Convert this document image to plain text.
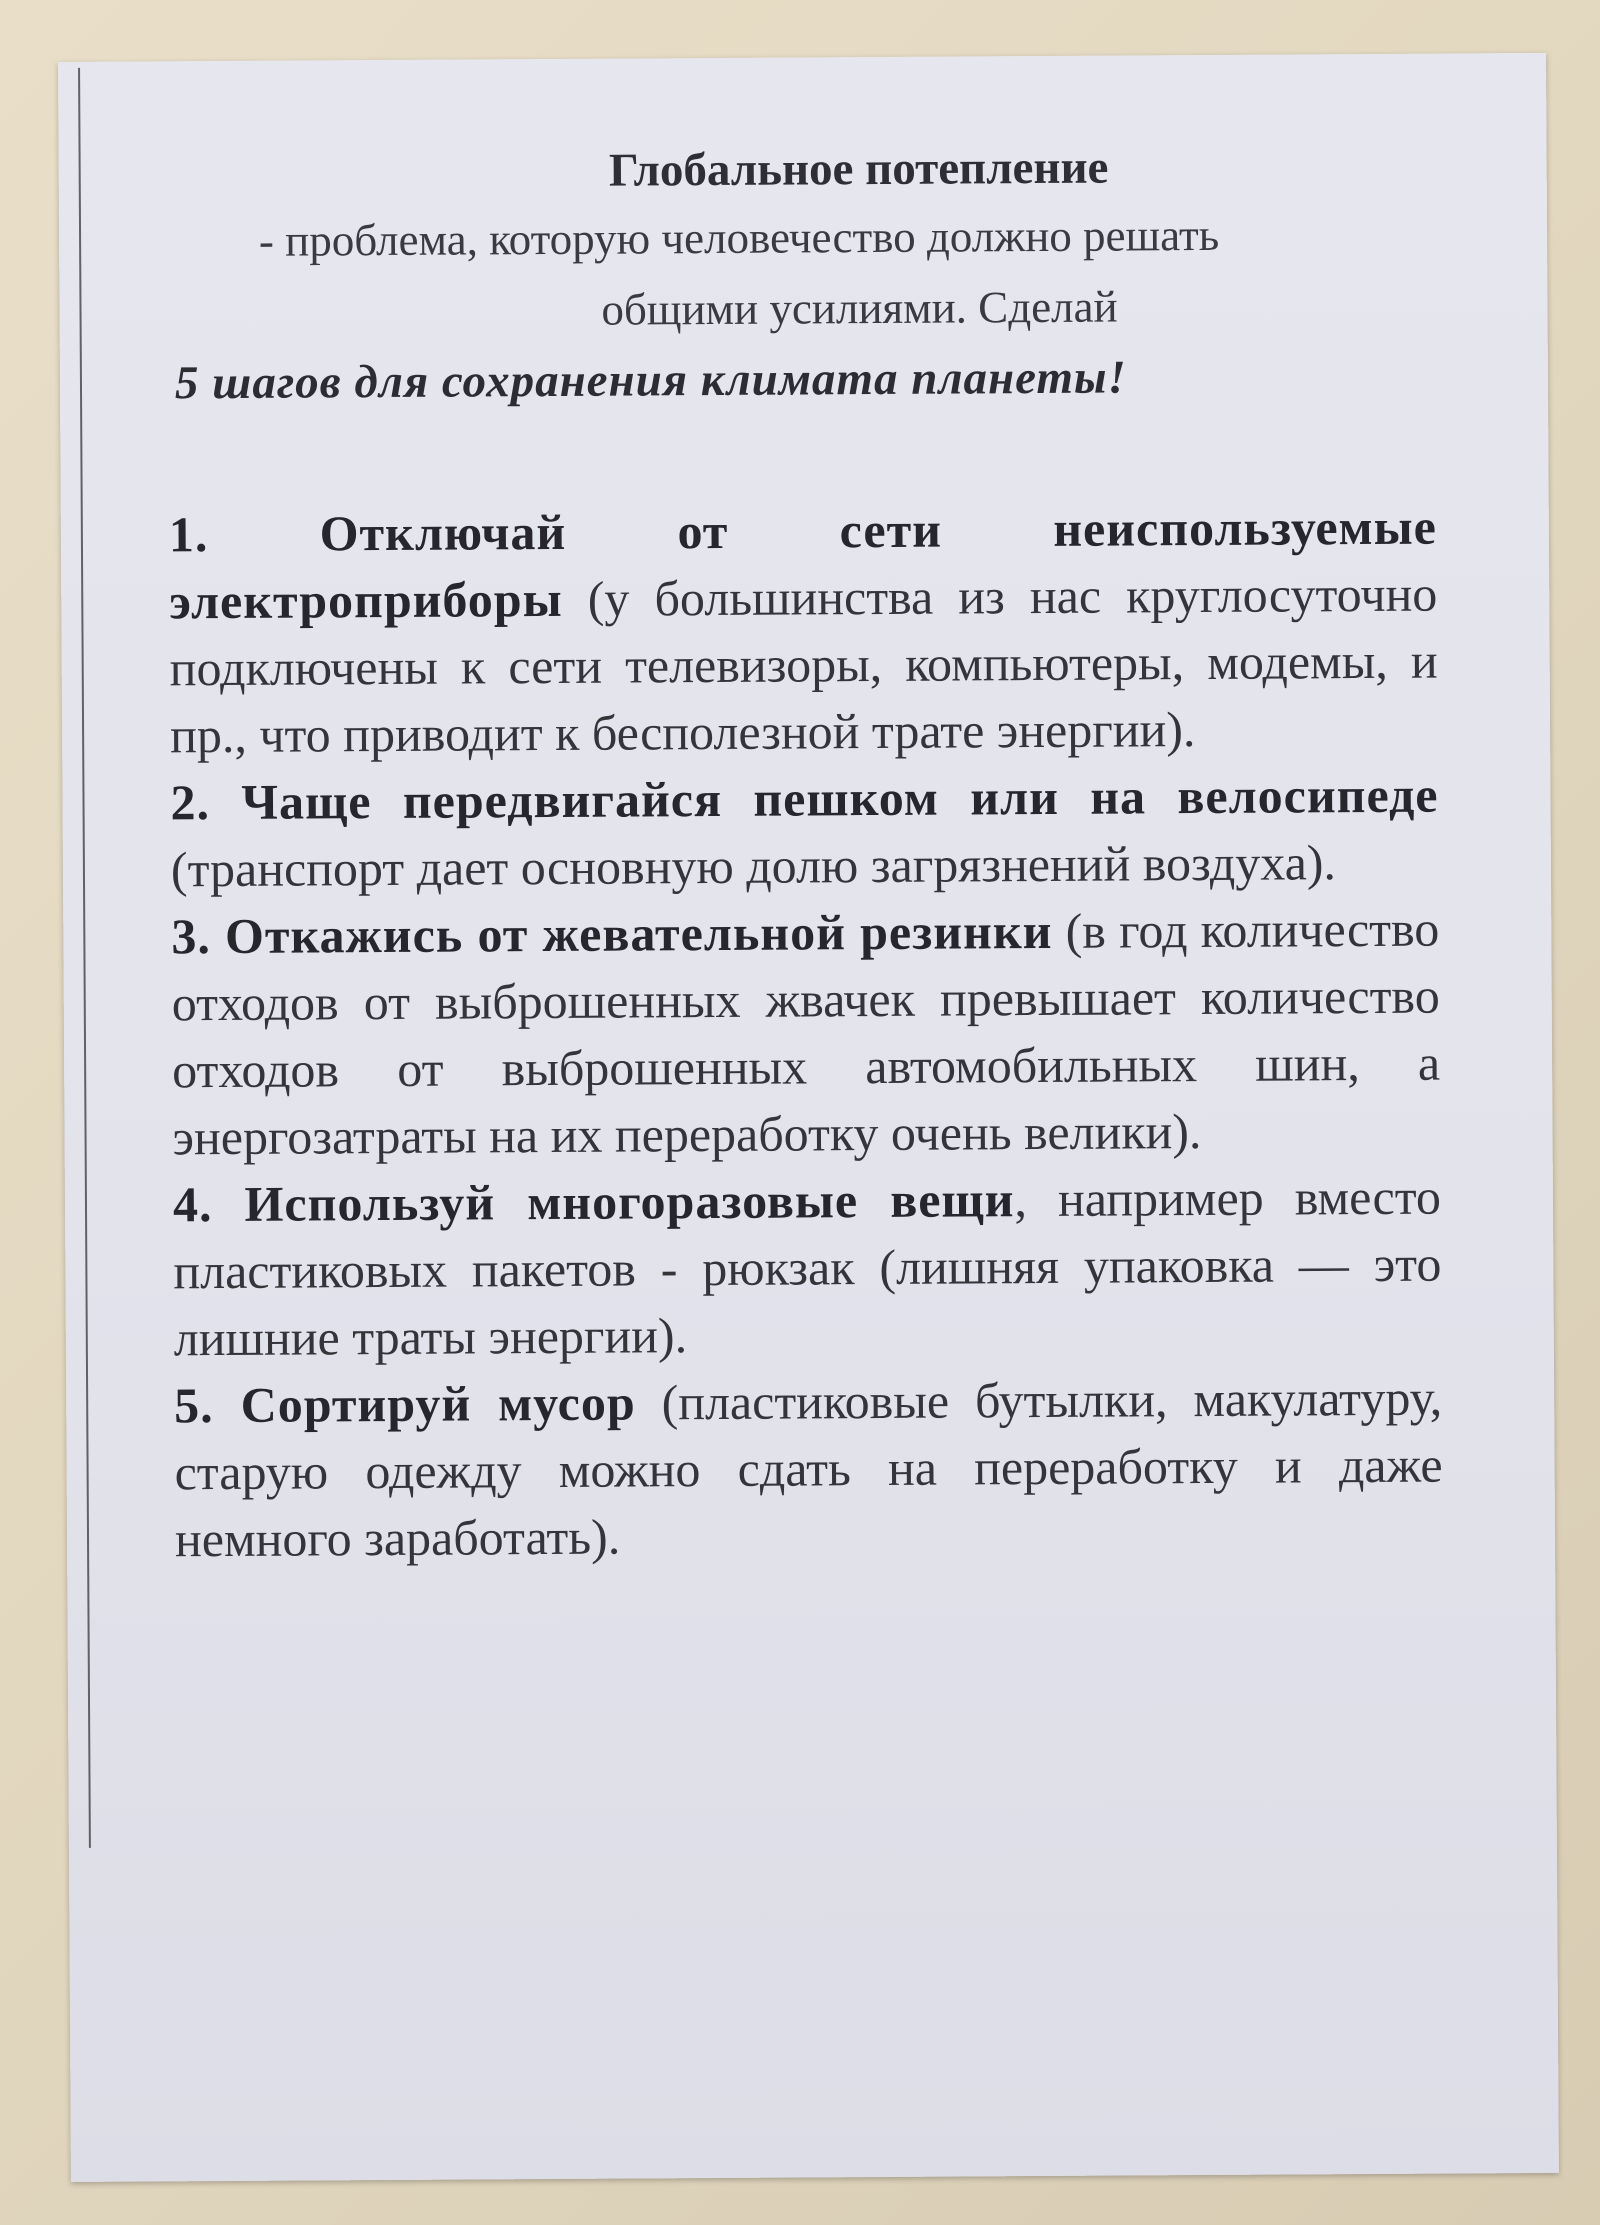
Глобальное потепление
- проблема, которую человечество должно решать
общими усилиями. Сделай
5 шагов для сохранения климата планеты!

1. Отключай от сети неиспользуемые электроприборы (у большинства из нас круглосуточно подключены к сети телевизоры, компьютеры, модемы, и пр., что приводит к бесполезной трате энергии).

2. Чаще передвигайся пешком или на велосипеде (транспорт дает основную долю загрязнений воздуха).

3. Откажись от жевательной резинки (в год количество отходов от выброшенных жвачек превышает количество отходов от выброшенных автомобильных шин, а энергозатраты на их переработку очень велики).

4. Используй многоразовые вещи, например вместо пластиковых пакетов - рюкзак (лишняя упаковка — это лишние траты энергии).

5. Сортируй мусор (пластиковые бутылки, макулатуру, старую одежду можно сдать на переработку и даже немного заработать).
